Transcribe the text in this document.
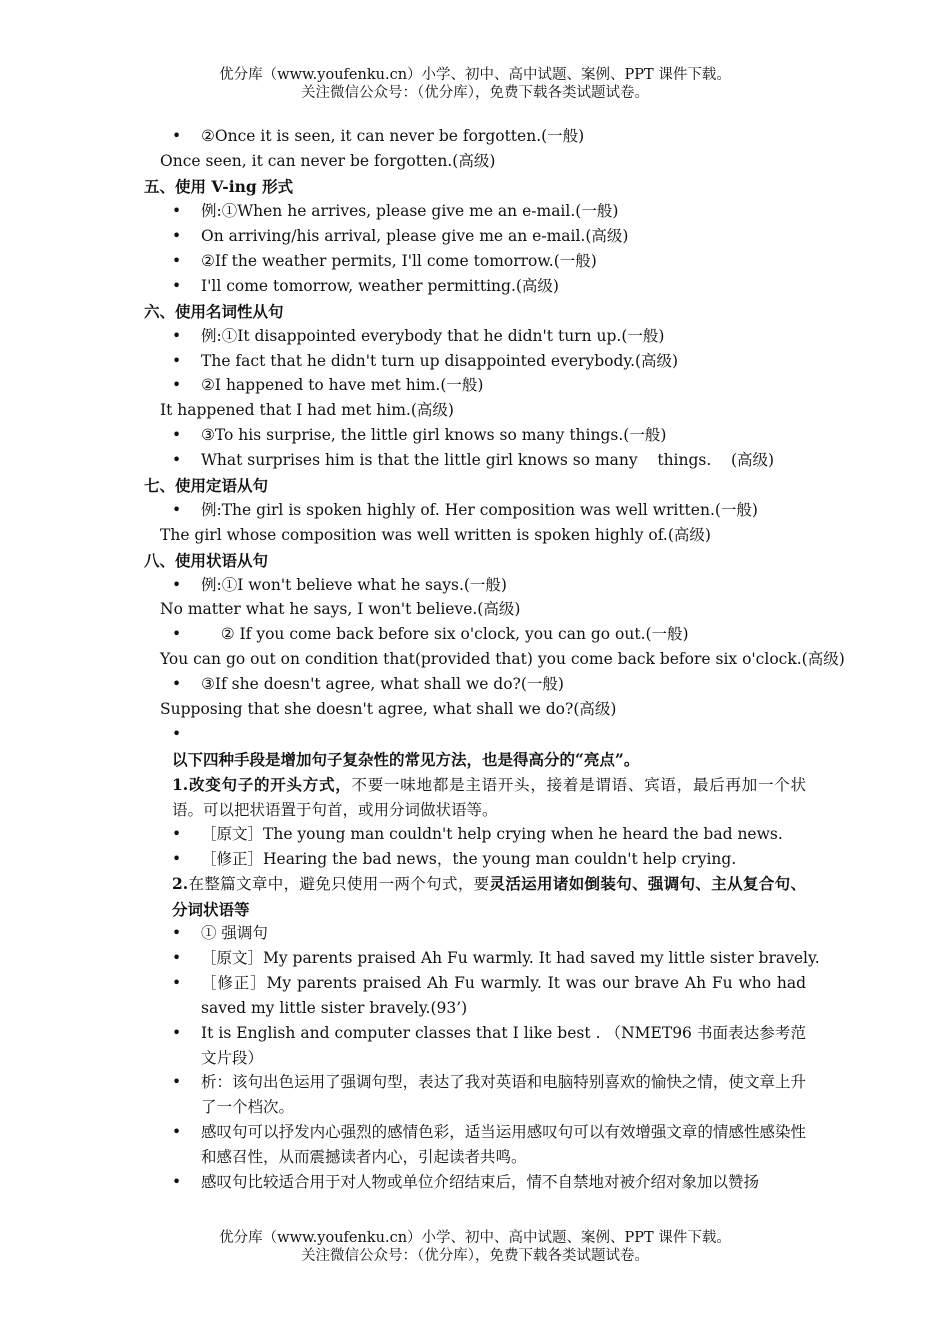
优分库（www.youfenku.cn）小学、初中、高中试题、案例、PPT 课件下载。
关注微信公众号：（优分库），免费下载各类试题试卷。
• ②Once it is seen, it can never be forgotten.(一般)
Once seen, it can never be forgotten.(高级)
五、使用 V-ing 形式
• 例:①When he arrives, please give me an e-mail.(一般)
• On arriving/his arrival, please give me an e-mail.(高级)
• ②If the weather permits, I'll come tomorrow.(一般)
• I'll come tomorrow, weather permitting.(高级)
六、使用名词性从句
• 例:①It disappointed everybody that he didn't turn up.(一般)
• The fact that he didn't turn up disappointed everybody.(高级)
• ②I happened to have met him.(一般)
It happened that I had met him.(高级)
• ③To his surprise, the little girl knows so many things.(一般)
• What surprises him is that the little girl knows so many    things.    (高级)
七、使用定语从句
• 例:The girl is spoken highly of. Her composition was well written.(一般)
The girl whose composition was well written is spoken highly of.(高级)
八、使用状语从句
• 例:①I won't believe what he says.(一般)
No matter what he says, I won't believe.(高级)
• ② If you come back before six o'clock, you can go out.(一般)
You can go out on condition that(provided that) you come back before six o'clock.(高级)
• ③If she doesn't agree, what shall we do?(一般)
Supposing that she doesn't agree, what shall we do?(高级)
•
以下四种手段是增加句子复杂性的常见方法，也是得高分的“亮点”。
1.改变句子的开头方式，不要一味地都是主语开头，接着是谓语、宾语，最后再加一个状语。可以把状语置于句首，或用分词做状语等。
• ［原文］The young man couldn't help crying when he heard the bad news.
• ［修正］Hearing the bad news，the young man couldn't help crying.
2.在整篇文章中，避免只使用一两个句式，要灵活运用诸如倒装句、强调句、主从复合句、分词状语等
• ① 强调句
• ［原文］My parents praised Ah Fu warmly. It had saved my little sister bravely.
• ［修正］My parents praised Ah Fu warmly. It was our brave Ah Fu who had saved my little sister bravely.(93’)
• It is English and computer classes that I like best . （NMET96 书面表达参考范文片段）
• 析：该句出色运用了强调句型，表达了我对英语和电脑特别喜欢的愉快之情，使文章上升了一个档次。
• 感叹句可以抒发内心强烈的感情色彩，适当运用感叹句可以有效增强文章的情感性感染性和感召性，从而震撼读者内心，引起读者共鸣。
• 感叹句比较适合用于对人物或单位介绍结束后，情不自禁地对被介绍对象加以赞扬
优分库（www.youfenku.cn）小学、初中、高中试题、案例、PPT 课件下载。
关注微信公众号：（优分库），免费下载各类试题试卷。
